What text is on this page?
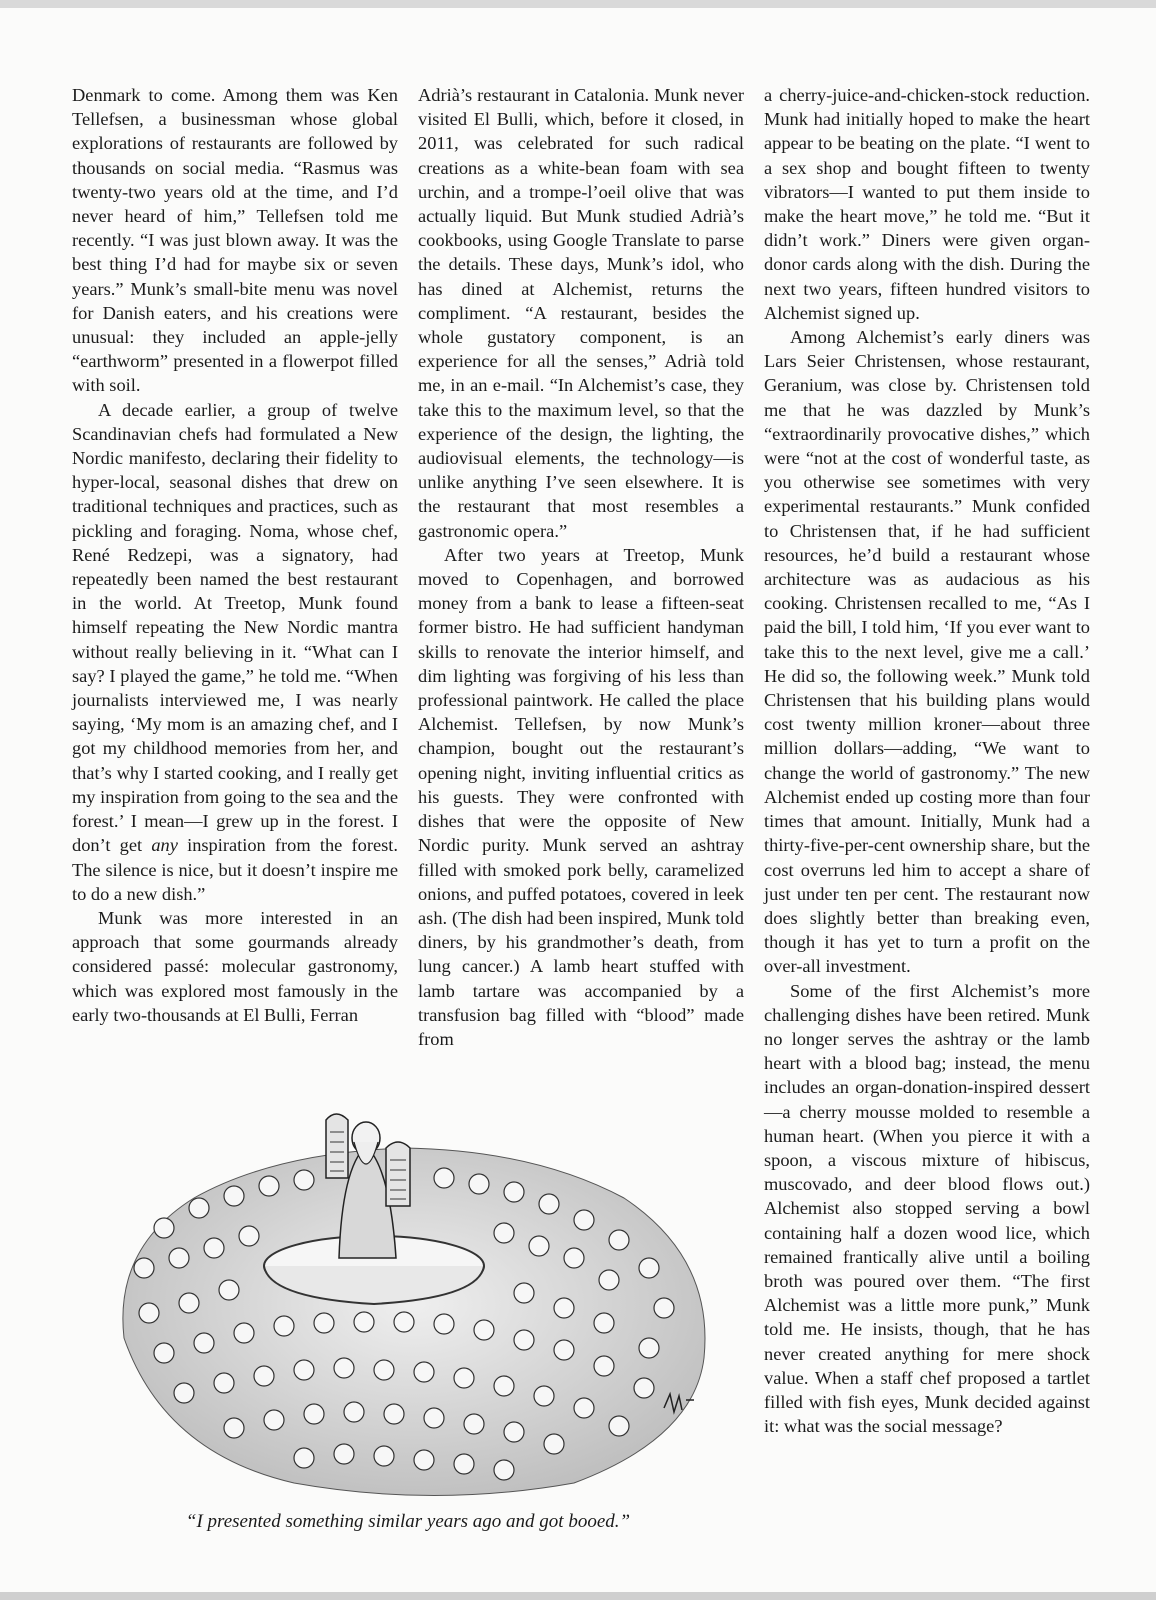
Denmark to come. Among them was Ken Tellefsen, a businessman whose global explorations of restaurants are followed by thousands on social media. “Rasmus was twenty-two years old at the time, and I’d never heard of him,” Tellefsen told me recently. “I was just blown away. It was the best thing I’d had for maybe six or seven years.” Munk’s small-bite menu was novel for Danish eaters, and his creations were unusual: they included an apple-jelly “earthworm” presented in a flowerpot filled with soil.

A decade earlier, a group of twelve Scandinavian chefs had formulated a New Nordic manifesto, declaring their fidelity to hyper-local, seasonal dishes that drew on traditional techniques and practices, such as pickling and foraging. Noma, whose chef, René Redzepi, was a signatory, had repeatedly been named the best restaurant in the world. At Treetop, Munk found himself repeating the New Nordic mantra without really believing in it. “What can I say? I played the game,” he told me. “When journalists interviewed me, I was nearly saying, ‘My mom is an amazing chef, and I got my childhood memories from her, and that’s why I started cooking, and I really get my inspiration from going to the sea and the forest.’ I mean—I grew up in the forest. I don’t get any inspiration from the forest. The silence is nice, but it doesn’t inspire me to do a new dish.”

Munk was more interested in an approach that some gourmands already considered passé: molecular gastronomy, which was explored most famously in the early two-thousands at El Bulli, Ferran

Adrià’s restaurant in Catalonia. Munk never visited El Bulli, which, before it closed, in 2011, was celebrated for such radical creations as a white-bean foam with sea urchin, and a trompe-l’oeil olive that was actually liquid. But Munk studied Adrià’s cookbooks, using Google Translate to parse the details. These days, Munk’s idol, who has dined at Alchemist, returns the compliment. “A restaurant, besides the whole gustatory component, is an experience for all the senses,” Adrià told me, in an e-mail. “In Alchemist’s case, they take this to the maximum level, so that the experience of the design, the lighting, the audiovisual elements, the technology—is unlike anything I’ve seen elsewhere. It is the restaurant that most resembles a gastronomic opera.”

After two years at Treetop, Munk moved to Copenhagen, and borrowed money from a bank to lease a fifteen-seat former bistro. He had sufficient handyman skills to renovate the interior himself, and dim lighting was forgiving of his less than professional paintwork. He called the place Alchemist. Tellefsen, by now Munk’s champion, bought out the restaurant’s opening night, inviting influential critics as his guests. They were confronted with dishes that were the opposite of New Nordic purity. Munk served an ashtray filled with smoked pork belly, caramelized onions, and puffed potatoes, covered in leek ash. (The dish had been inspired, Munk told diners, by his grandmother’s death, from lung cancer.) A lamb heart stuffed with lamb tartare was accompanied by a transfusion bag filled with “blood” made from

a cherry-juice-and-chicken-stock reduction. Munk had initially hoped to make the heart appear to be beating on the plate. “I went to a sex shop and bought fifteen to twenty vibrators—I wanted to put them inside to make the heart move,” he told me. “But it didn’t work.” Diners were given organ-donor cards along with the dish. During the next two years, fifteen hundred visitors to Alchemist signed up.

Among Alchemist’s early diners was Lars Seier Christensen, whose restaurant, Geranium, was close by. Christensen told me that he was dazzled by Munk’s “extraordinarily provocative dishes,” which were “not at the cost of wonderful taste, as you otherwise see sometimes with very experimental restaurants.” Munk confided to Christensen that, if he had sufficient resources, he’d build a restaurant whose architecture was as audacious as his cooking. Christensen recalled to me, “As I paid the bill, I told him, ‘If you ever want to take this to the next level, give me a call.’ He did so, the following week.” Munk told Christensen that his building plans would cost twenty million kroner—about three million dollars—adding, “We want to change the world of gastronomy.” The new Alchemist ended up costing more than four times that amount. Initially, Munk had a thirty-five-per-cent ownership share, but the cost overruns led him to accept a share of just under ten per cent. The restaurant now does slightly better than breaking even, though it has yet to turn a profit on the over-all investment.

Some of the first Alchemist’s more challenging dishes have been retired. Munk no longer serves the ashtray or the lamb heart with a blood bag; instead, the menu includes an organ-donation-inspired dessert—a cherry mousse molded to resemble a human heart. (When you pierce it with a spoon, a viscous mixture of hibiscus, muscovado, and deer blood flows out.) Alchemist also stopped serving a bowl containing half a dozen wood lice, which remained frantically alive until a boiling broth was poured over them. “The first Alchemist was a little more punk,” Munk told me. He insists, though, that he has never created anything for mere shock value. When a staff chef proposed a tartlet filled with fish eyes, Munk decided against it: what was the social message?

“I presented something similar years ago and got booed.”
